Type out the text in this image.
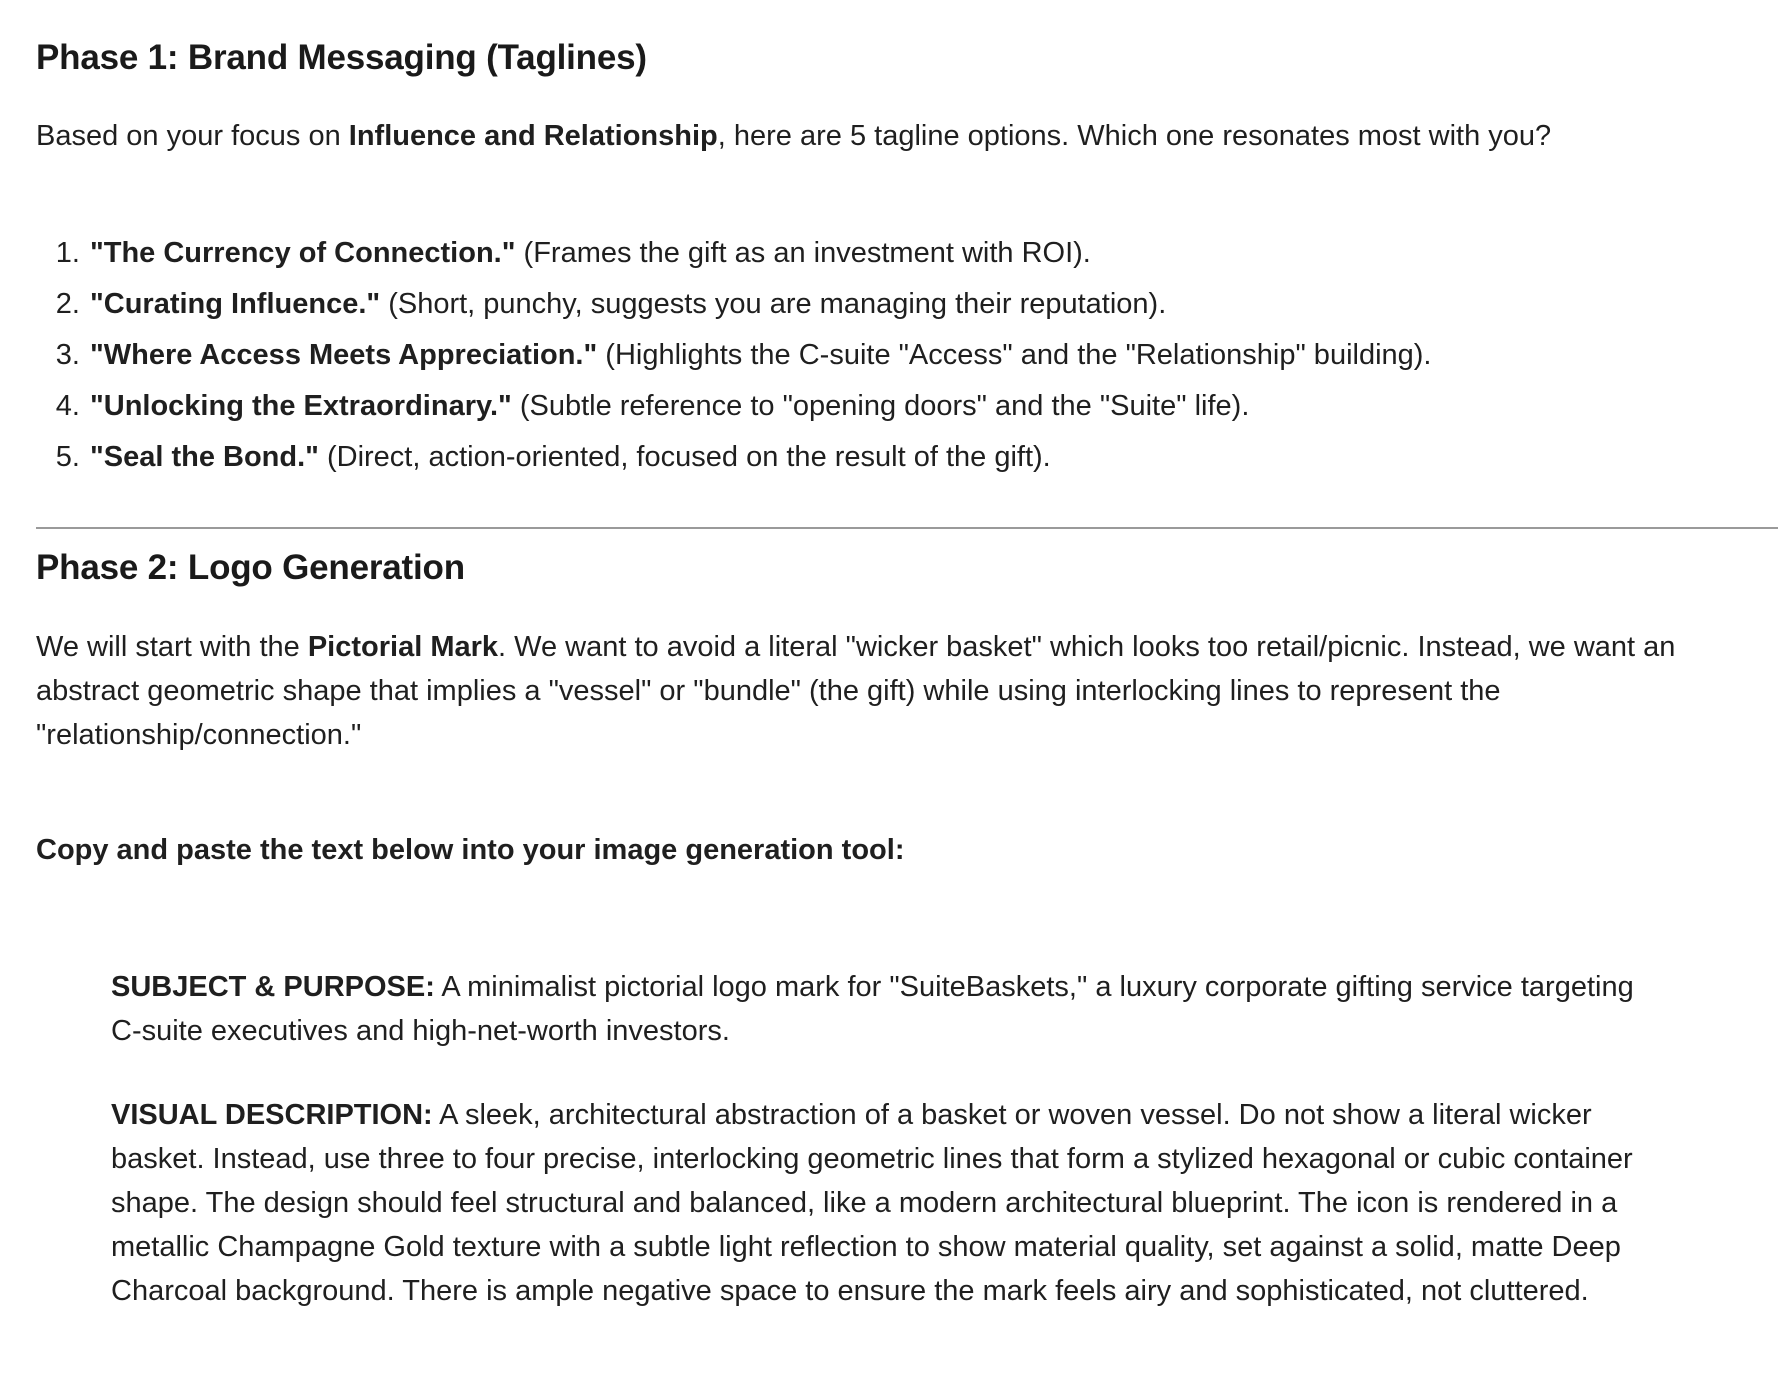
Phase 1: Brand Messaging (Taglines)

Based on your focus on Influence and Relationship, here are 5 tagline options. Which one resonates most with you?

1. "The Currency of Connection." (Frames the gift as an investment with ROI).
2. "Curating Influence." (Short, punchy, suggests you are managing their reputation).
3. "Where Access Meets Appreciation." (Highlights the C-suite "Access" and the "Relationship" building).
4. "Unlocking the Extraordinary." (Subtle reference to "opening doors" and the "Suite" life).
5. "Seal the Bond." (Direct, action-oriented, focused on the result of the gift).
Phase 2: Logo Generation

We will start with the Pictorial Mark. We want to avoid a literal "wicker basket" which looks too retail/picnic. Instead, we want an abstract geometric shape that implies a "vessel" or "bundle" (the gift) while using interlocking lines to represent the "relationship/connection."

Copy and paste the text below into your image generation tool:

SUBJECT & PURPOSE: A minimalist pictorial logo mark for "SuiteBaskets," a luxury corporate gifting service targeting C-suite executives and high-net-worth investors.

VISUAL DESCRIPTION: A sleek, architectural abstraction of a basket or woven vessel. Do not show a literal wicker basket. Instead, use three to four precise, interlocking geometric lines that form a stylized hexagonal or cubic container shape. The design should feel structural and balanced, like a modern architectural blueprint. The icon is rendered in a metallic Champagne Gold texture with a subtle light reflection to show material quality, set against a solid, matte Deep Charcoal background. There is ample negative space to ensure the mark feels airy and sophisticated, not cluttered.
